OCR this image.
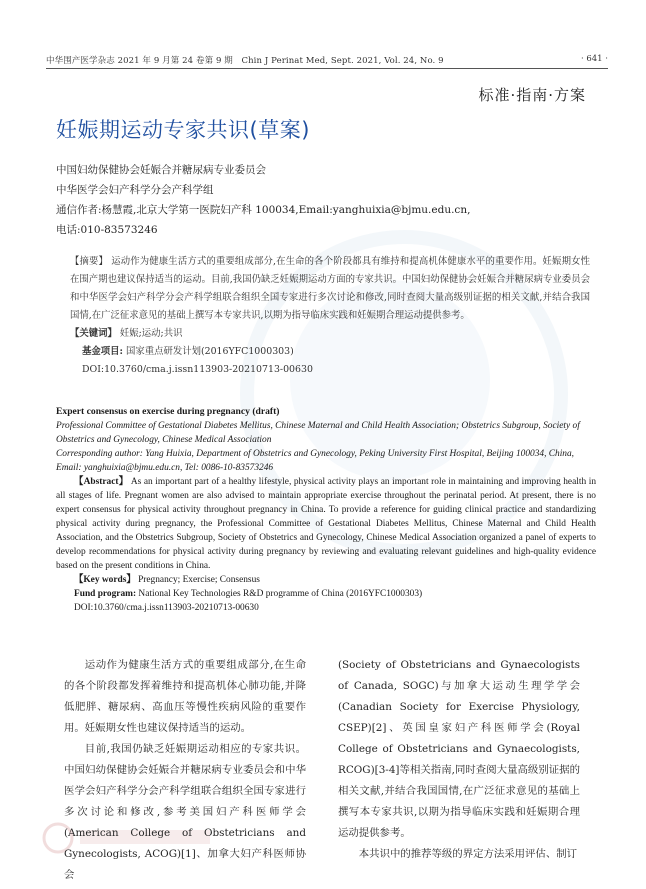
中华围产医学杂志 2021 年 9 月第 24 卷第 9 期　Chin J Perinat Med, Sept. 2021, Vol. 24, No. 9	· 641 ·
标准·指南·方案
妊娠期运动专家共识(草案)
中国妇幼保健协会妊娠合并糖尿病专业委员会
中华医学会妇产科学分会产科学组
通信作者:杨慧霞,北京大学第一医院妇产科 100034,Email:yanghuixia@bjmu.edu.cn,
电话:010-83573246
【摘要】 运动作为健康生活方式的重要组成部分,在生命的各个阶段都具有维持和提高机体健康水平的重要作用。妊娠期女性在围产期也建议保持适当的运动。目前,我国仍缺乏妊娠期运动方面的专家共识。中国妇幼保健协会妊娠合并糖尿病专业委员会和中华医学会妇产科学分会产科学组联合组织全国专家进行多次讨论和修改,同时查阅大量高级别证据的相关文献,并结合我国国情,在广泛征求意见的基础上撰写本专家共识,以期为指导临床实践和妊娠期合理运动提供参考。
【关键词】 妊娠;运动;共识
基金项目: 国家重点研发计划(2016YFC1000303)
DOI:10.3760/cma.j.issn113903-20210713-00630
Expert consensus on exercise during pregnancy (draft)
Professional Committee of Gestational Diabetes Mellitus, Chinese Maternal and Child Health Association; Obstetrics Subgroup, Society of Obstetrics and Gynecology, Chinese Medical Association
Corresponding author: Yang Huixia, Department of Obstetrics and Gynecology, Peking University First Hospital, Beijing 100034, China, Email: yanghuixia@bjmu.edu.cn, Tel: 0086-10-83573246
【Abstract】 As an important part of a healthy lifestyle, physical activity plays an important role in maintaining and improving health in all stages of life. Pregnant women are also advised to maintain appropriate exercise throughout the perinatal period. At present, there is no expert consensus for physical activity throughout pregnancy in China. To provide a reference for guiding clinical practice and standardizing physical activity during pregnancy, the Professional Committee of Gestational Diabetes Mellitus, Chinese Maternal and Child Health Association, and the Obstetrics Subgroup, Society of Obstetrics and Gynecology, Chinese Medical Association organized a panel of experts to develop recommendations for physical activity during pregnancy by reviewing and evaluating relevant guidelines and high-quality evidence based on the present conditions in China.
【Key words】 Pregnancy; Exercise; Consensus
Fund program: National Key Technologies R&D programme of China (2016YFC1000303)
DOI:10.3760/cma.j.issn113903-20210713-00630
运动作为健康生活方式的重要组成部分,在生命的各个阶段都发挥着维持和提高机体心肺功能,并降低肥胖、糖尿病、高血压等慢性疾病风险的重要作用。妊娠期女性也建议保持适当的运动。
目前,我国仍缺乏妊娠期运动相应的专家共识。中国妇幼保健协会妊娠合并糖尿病专业委员会和中华医学会妇产科学分会产科学组联合组织全国专家进行多次讨论和修改,参考美国妇产科医师学会(American College of Obstetricians and Gynecologists, ACOG)[1]、加拿大妇产科医师协会
(Society of Obstetricians and Gynaecologists of Canada, SOGC)与加拿大运动生理学学会(Canadian Society for Exercise Physiology, CSEP)[2]、英国皇家妇产科医师学会(Royal College of Obstetricians and Gynaecologists, RCOG)[3-4]等相关指南,同时查阅大量高级别证据的相关文献,并结合我国国情,在广泛征求意见的基础上撰写本专家共识,以期为指导临床实践和妊娠期合理运动提供参考。
本共识中的推荐等级的界定方法采用评估、制订
